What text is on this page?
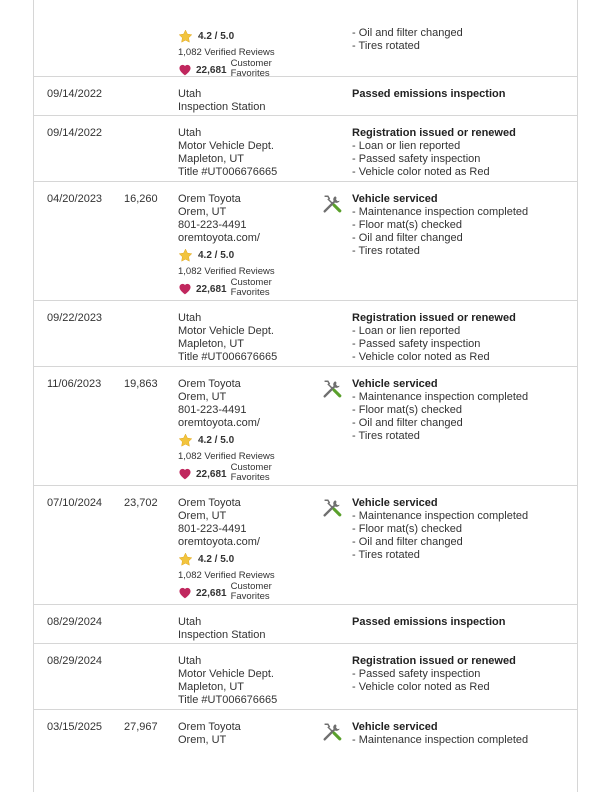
4.2 / 5.0
1,082 Verified Reviews
22,681
Customer Favorites
- Oil and filter changed
- Tires rotated
09/14/2022	Utah
Inspection Station
Passed emissions inspection
09/14/2022	Utah
Motor Vehicle Dept.
Mapleton, UT
Title #UT006676665
Registration issued or renewed
- Loan or lien reported
- Passed safety inspection
- Vehicle color noted as Red
04/20/2023 16,260 Orem Toyota
Orem, UT
801-223-4491
oremtoyota.com/
4.2 / 5.0
1,082 Verified Reviews
22,681
Customer Favorites
Vehicle serviced
- Maintenance inspection completed
- Floor mat(s) checked
- Oil and filter changed
- Tires rotated
09/22/2023	Utah
Motor Vehicle Dept.
Mapleton, UT
Title #UT006676665
Registration issued or renewed
- Loan or lien reported
- Passed safety inspection
- Vehicle color noted as Red
11/06/2023 19,863 Orem Toyota
Orem, UT
801-223-4491
oremtoyota.com/
4.2 / 5.0
1,082 Verified Reviews
22,681
Customer Favorites
Vehicle serviced
- Maintenance inspection completed
- Floor mat(s) checked
- Oil and filter changed
- Tires rotated
07/10/2024 23,702 Orem Toyota
Orem, UT
801-223-4491
oremtoyota.com/
4.2 / 5.0
1,082 Verified Reviews
22,681
Customer Favorites
Vehicle serviced
- Maintenance inspection completed
- Floor mat(s) checked
- Oil and filter changed
- Tires rotated
08/29/2024	Utah
Inspection Station
Passed emissions inspection
08/29/2024	Utah
Motor Vehicle Dept.
Mapleton, UT
Title #UT006676665
Registration issued or renewed
- Passed safety inspection
- Vehicle color noted as Red
03/15/2025 27,967 Orem Toyota
Orem, UT
Vehicle serviced
- Maintenance inspection completed
